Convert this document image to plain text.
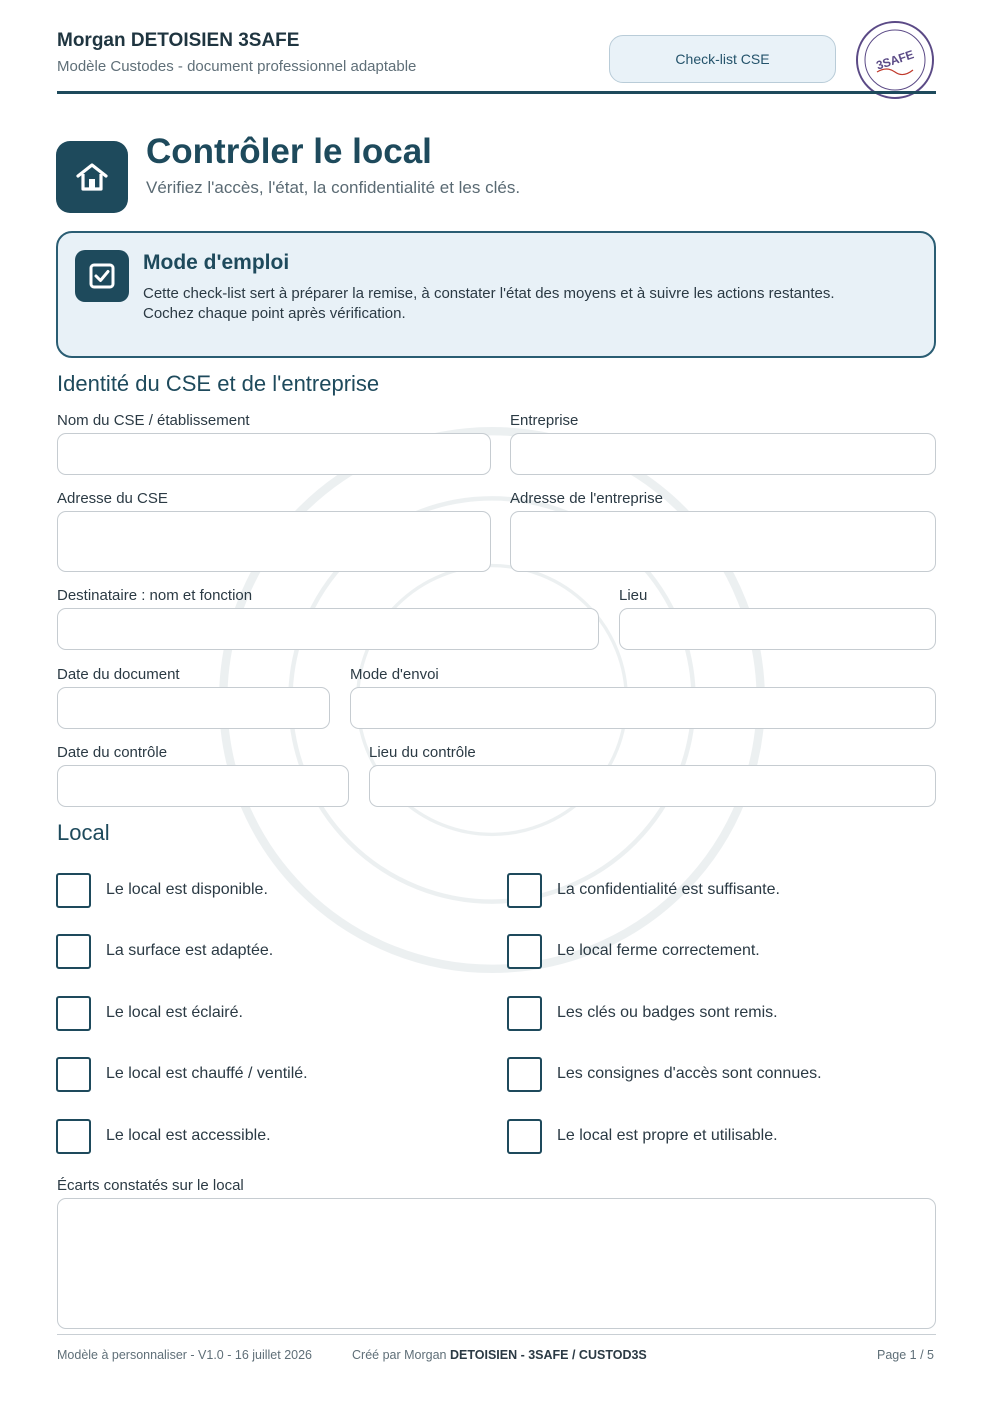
Morgan DETOISIEN 3SAFE
Modèle Custodes - document professionnel adaptable	Check-list CSE	3SAFE
Contrôler le local
Vérifiez l'accès, l'état, la confidentialité et les clés.
Mode d'emploi
Cette check-list sert à préparer la remise, à constater l'état des moyens et à suivre les actions restantes.
Cochez chaque point après vérification.
Identité du CSE et de l'entreprise
Nom du CSE / établissement	Entreprise
Adresse du CSE	Adresse de l'entreprise
Destinataire : nom et fonction	Lieu
Date du document	Mode d'envoi
Date du contrôle	Lieu du contrôle
Local
Le local est disponible.
La surface est adaptée.
Le local est éclairé.
Le local est chauffé / ventilé.
Le local est accessible.
La confidentialité est suffisante.
Le local ferme correctement.
Les clés ou badges sont remis.
Les consignes d'accès sont connues.
Le local est propre et utilisable.
Écarts constatés sur le local
Modèle à personnaliser - V1.0 - 16 juillet 2026	Créé par Morgan DETOISIEN - 3SAFE / CUSTOD3S	Page 1 / 5
